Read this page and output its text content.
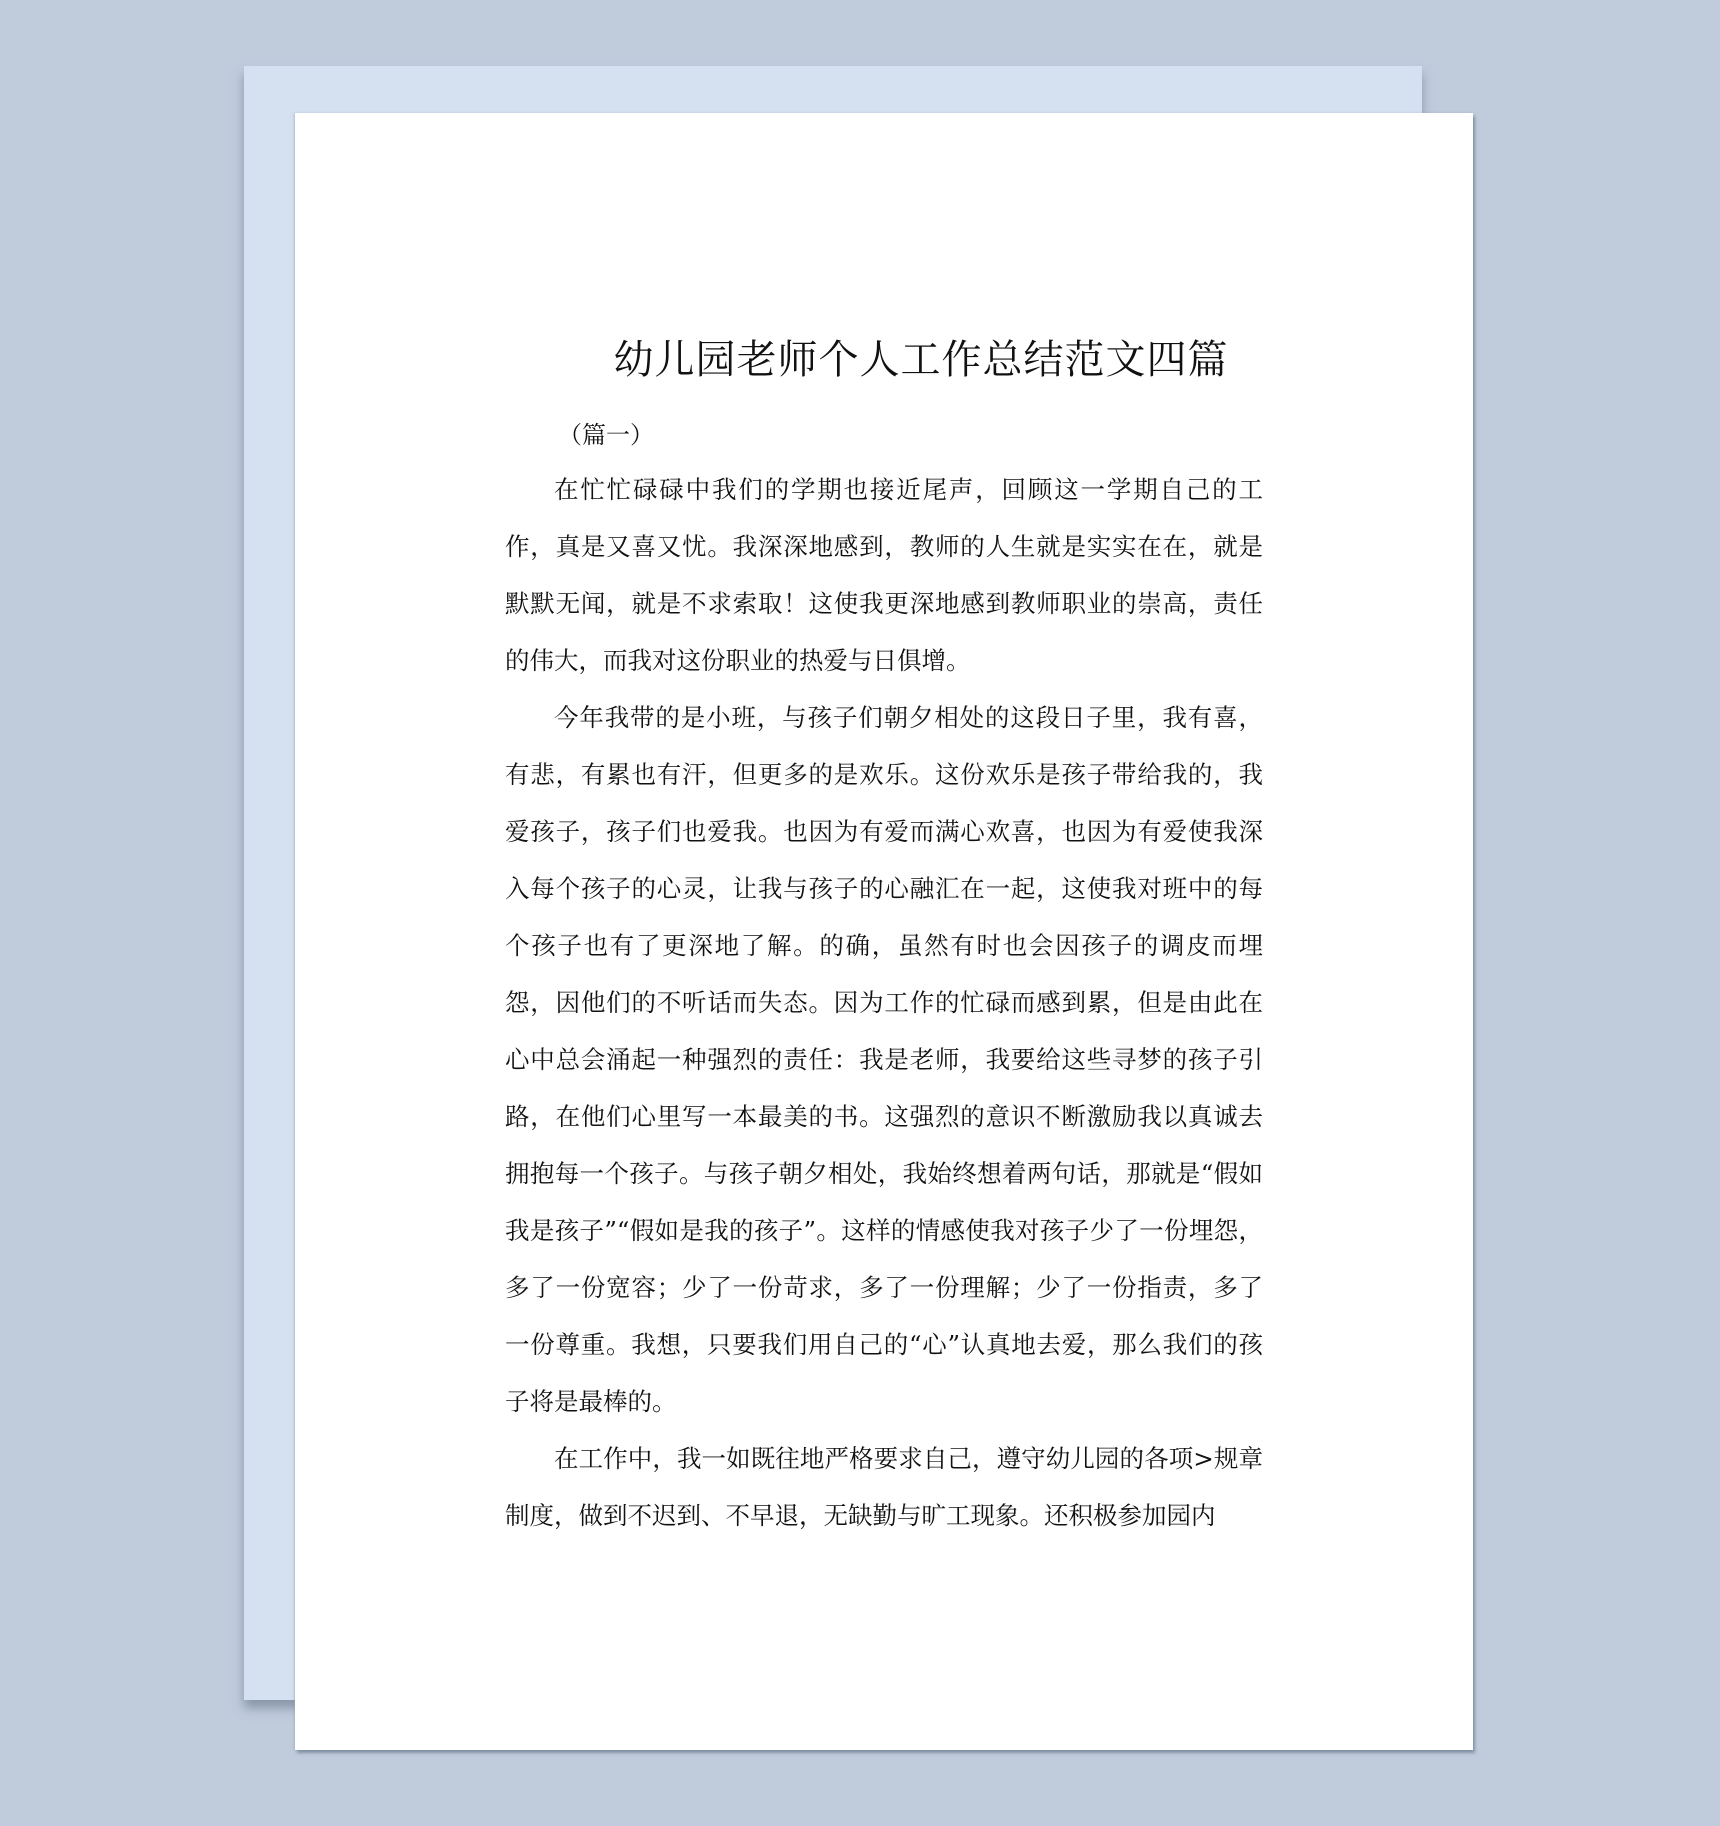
幼儿园老师个人工作总结范文四篇
（篇一）

在忙忙碌碌中我们的学期也接近尾声，回顾这一学期自己的工作，真是又喜又忧。我深深地感到，教师的人生就是实实在在，就是默默无闻，就是不求索取！这使我更深地感到教师职业的崇高，责任的伟大，而我对这份职业的热爱与日俱增。

今年我带的是小班，与孩子们朝夕相处的这段日子里，我有喜，有悲，有累也有汗，但更多的是欢乐。这份欢乐是孩子带给我的，我爱孩子，孩子们也爱我。也因为有爱而满心欢喜，也因为有爱使我深入每个孩子的心灵，让我与孩子的心融汇在一起，这使我对班中的每个孩子也有了更深地了解。的确，虽然有时也会因孩子的调皮而埋怨，因他们的不听话而失态。因为工作的忙碌而感到累，但是由此在心中总会涌起一种强烈的责任：我是老师，我要给这些寻梦的孩子引路，在他们心里写一本最美的书。这强烈的意识不断激励我以真诚去拥抱每一个孩子。与孩子朝夕相处，我始终想着两句话，那就是“假如我是孩子”“假如是我的孩子”。这样的情感使我对孩子少了一份埋怨，多了一份宽容；少了一份苛求，多了一份理解；少了一份指责，多了一份尊重。我想，只要我们用自己的“心”认真地去爱，那么我们的孩子将是最棒的。

在工作中，我一如既往地严格要求自己，遵守幼儿园的各项>规章制度，做到不迟到、不早退，无缺勤与旷工现象。还积极参加园内
